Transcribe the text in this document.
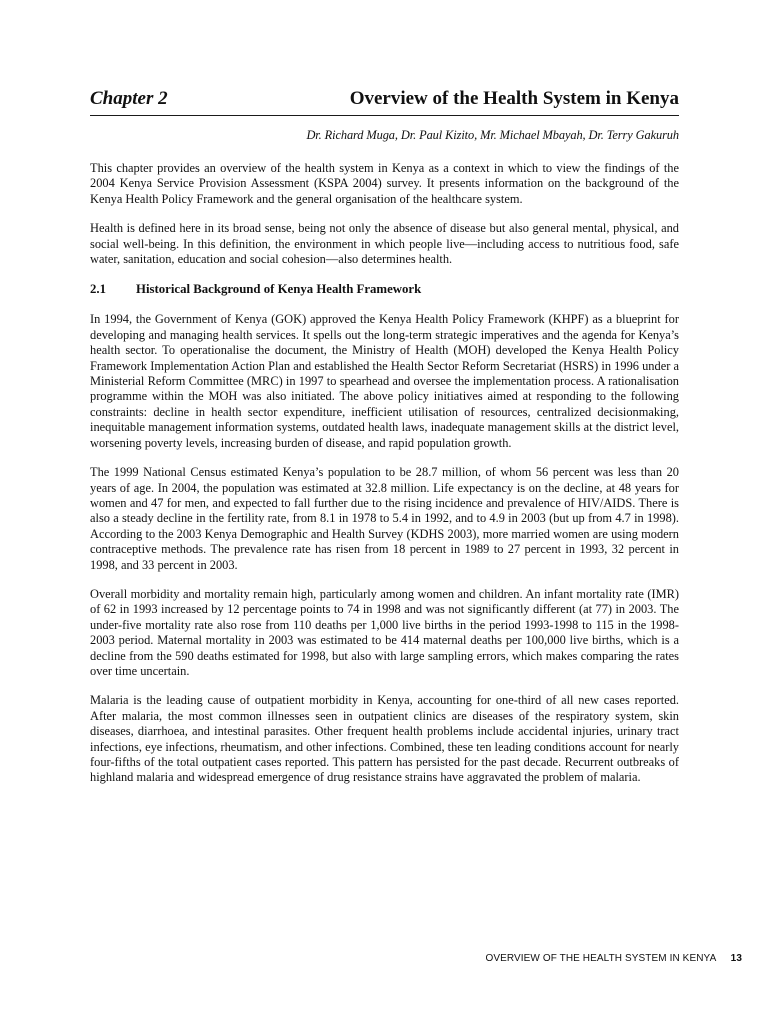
Chapter 2	Overview of the Health System in Kenya
Dr. Richard Muga, Dr. Paul Kizito, Mr. Michael Mbayah, Dr. Terry Gakuruh

This chapter provides an overview of the health system in Kenya as a context in which to view the findings of the 2004 Kenya Service Provision Assessment (KSPA 2004) survey. It presents information on the background of the Kenya Health Policy Framework and the general organisation of the healthcare system.

Health is defined here in its broad sense, being not only the absence of disease but also general mental, physical, and social well-being. In this definition, the environment in which people live—including access to nutritious food, safe water, sanitation, education and social cohesion—also determines health.

2.1	Historical Background of Kenya Health Framework

In 1994, the Government of Kenya (GOK) approved the Kenya Health Policy Framework (KHPF) as a blueprint for developing and managing health services. It spells out the long-term strategic imperatives and the agenda for Kenya’s health sector. To operationalise the document, the Ministry of Health (MOH) developed the Kenya Health Policy Framework Implementation Action Plan and established the Health Sector Reform Secretariat (HSRS) in 1996 under a Ministerial Reform Committee (MRC) in 1997 to spearhead and oversee the implementation process. A rationalisation programme within the MOH was also initiated. The above policy initiatives aimed at responding to the following constraints: decline in health sector expenditure, inefficient utilisation of resources, centralized decisionmaking, inequitable management information systems, outdated health laws, inadequate management skills at the district level, worsening poverty levels, increasing burden of disease, and rapid population growth.

The 1999 National Census estimated Kenya’s population to be 28.7 million, of whom 56 percent was less than 20 years of age. In 2004, the population was estimated at 32.8 million. Life expectancy is on the decline, at 48 years for women and 47 for men, and expected to fall further due to the rising incidence and prevalence of HIV/AIDS. There is also a steady decline in the fertility rate, from 8.1 in 1978 to 5.4 in 1992, and to 4.9 in 2003 (but up from 4.7 in 1998). According to the 2003 Kenya Demographic and Health Survey (KDHS 2003), more married women are using modern contraceptive methods. The prevalence rate has risen from 18 percent in 1989 to 27 percent in 1993, 32 percent in 1998, and 33 percent in 2003.

Overall morbidity and mortality remain high, particularly among women and children. An infant mortality rate (IMR) of 62 in 1993 increased by 12 percentage points to 74 in 1998 and was not significantly different (at 77) in 2003. The under-five mortality rate also rose from 110 deaths per 1,000 live births in the period 1993-1998 to 115 in the 1998-2003 period. Maternal mortality in 2003 was estimated to be 414 maternal deaths per 100,000 live births, which is a decline from the 590 deaths estimated for 1998, but also with large sampling errors, which makes comparing the rates over time uncertain.

Malaria is the leading cause of outpatient morbidity in Kenya, accounting for one-third of all new cases reported. After malaria, the most common illnesses seen in outpatient clinics are diseases of the respiratory system, skin diseases, diarrhoea, and intestinal parasites. Other frequent health problems include accidental injuries, urinary tract infections, eye infections, rheumatism, and other infections. Combined, these ten leading conditions account for nearly four-fifths of the total outpatient cases reported. This pattern has persisted for the past decade. Recurrent outbreaks of highland malaria and widespread emergence of drug resistance strains have aggravated the problem of malaria.

OVERVIEW OF THE HEALTH SYSTEM IN KENYA 13
